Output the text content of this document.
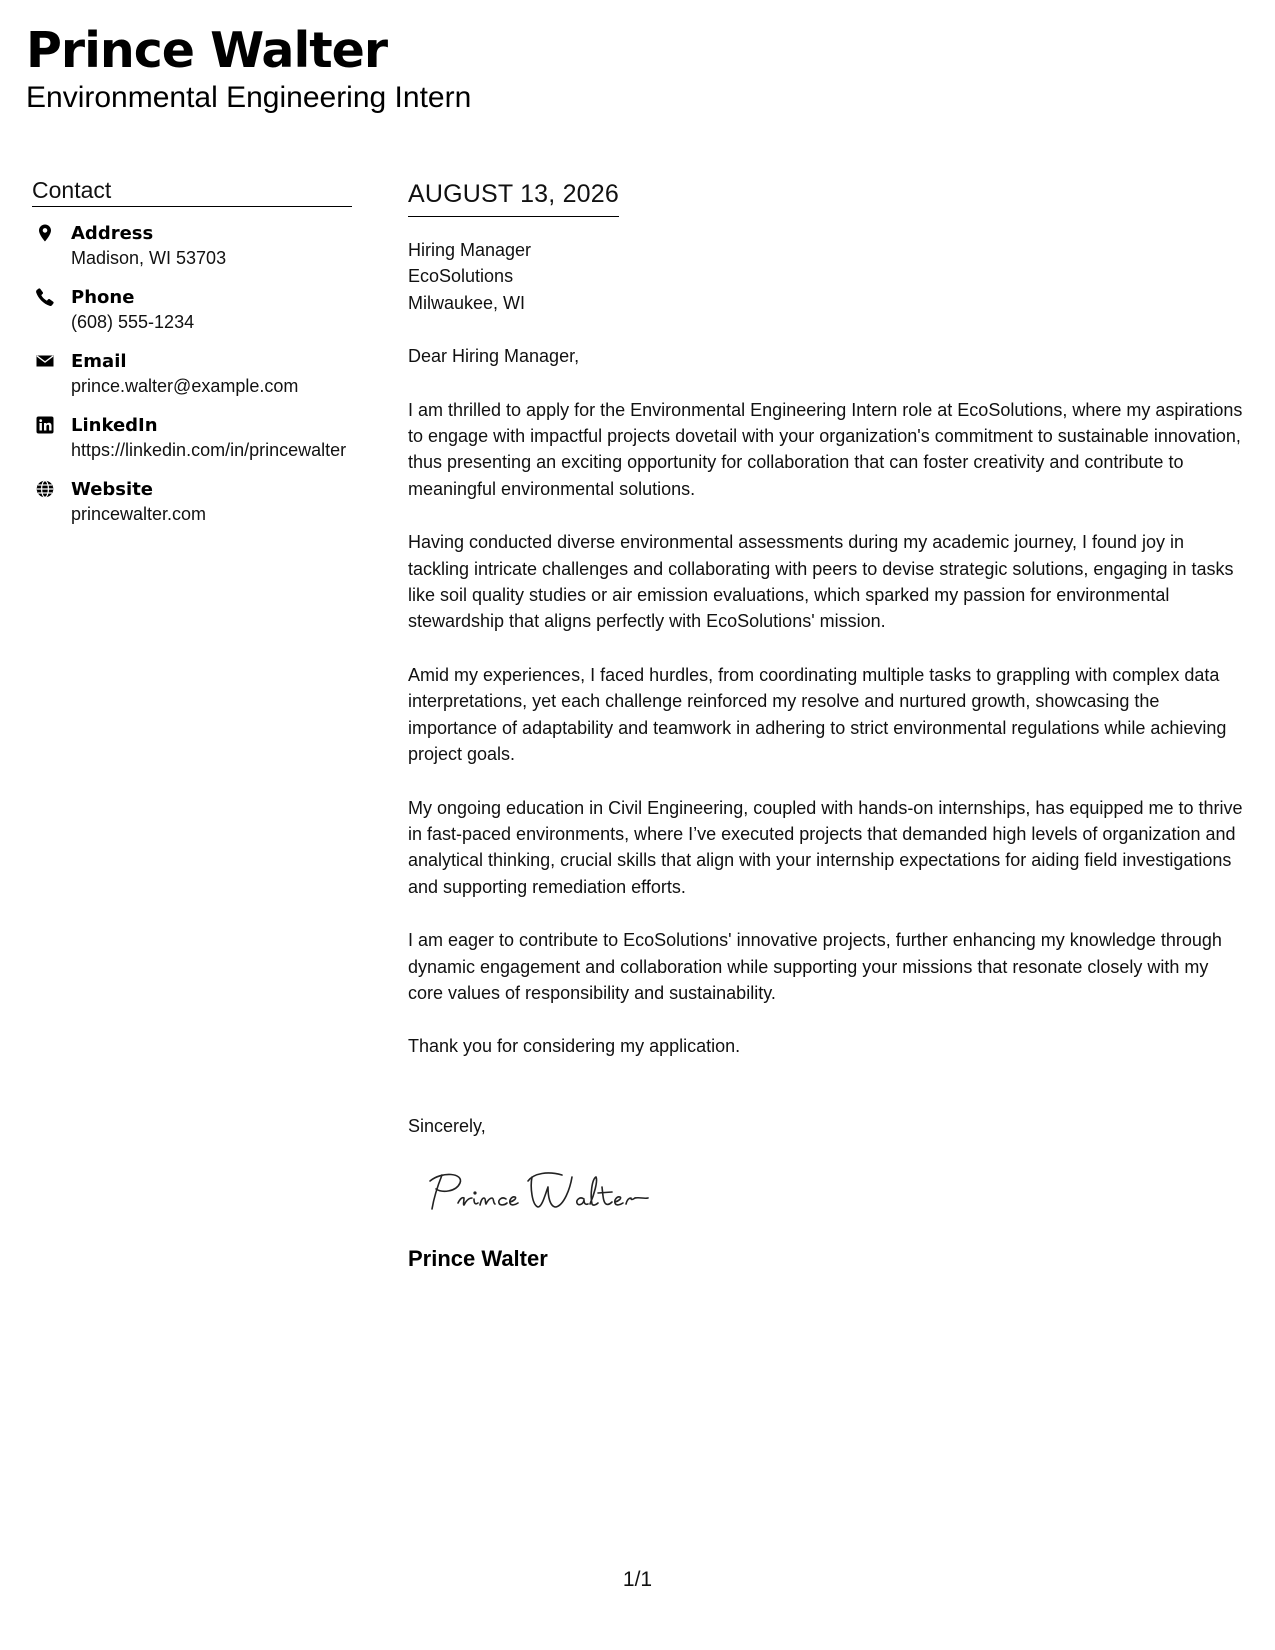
Prince Walter
Environmental Engineering Intern
Contact
Address
Madison, WI 53703
Phone
(608) 555-1234
Email
prince.walter@example.com
LinkedIn
https://linkedin.com/in/princewalter
Website
princewalter.com
AUGUST 13, 2026
Hiring Manager
EcoSolutions
Milwaukee, WI
Dear Hiring Manager,

I am thrilled to apply for the Environmental Engineering Intern role at EcoSolutions, where my aspirations to engage with impactful projects dovetail with your organization's commitment to sustainable innovation, thus presenting an exciting opportunity for collaboration that can foster creativity and contribute to meaningful environmental solutions.

Having conducted diverse environmental assessments during my academic journey, I found joy in tackling intricate challenges and collaborating with peers to devise strategic solutions, engaging in tasks like soil quality studies or air emission evaluations, which sparked my passion for environmental stewardship that aligns perfectly with EcoSolutions' mission.

Amid my experiences, I faced hurdles, from coordinating multiple tasks to grappling with complex data interpretations, yet each challenge reinforced my resolve and nurtured growth, showcasing the importance of adaptability and teamwork in adhering to strict environmental regulations while achieving project goals.

My ongoing education in Civil Engineering, coupled with hands-on internships, has equipped me to thrive in fast-paced environments, where I’ve executed projects that demanded high levels of organization and analytical thinking, crucial skills that align with your internship expectations for aiding field investigations and supporting remediation efforts.

I am eager to contribute to EcoSolutions' innovative projects, further enhancing my knowledge through dynamic engagement and collaboration while supporting your missions that resonate closely with my core values of responsibility and sustainability.

Thank you for considering my application.

Sincerely,
Prince Walter
1/1
